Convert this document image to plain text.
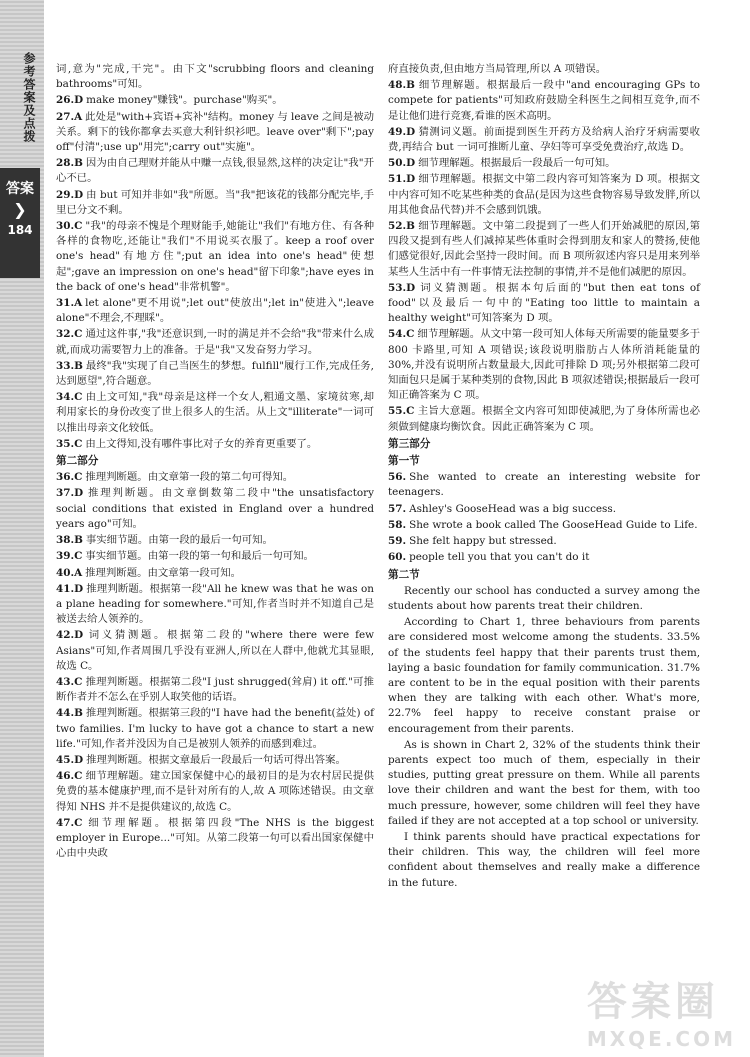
参考答案及点拨
答案
❯
184
词,意为"完成,干完"。由下文"scrubbing floors and cleaning bathrooms"可知。
26.D make money"赚钱"。purchase"购买"。
27.A 此处是"with+宾语+宾补"结构。money 与 leave 之间是被动关系。剩下的钱你都拿去买意大利针织衫吧。leave over"剩下";pay off"付清";use up"用完";carry out"实施"。
28.B 因为由自己理财并能从中赚一点钱,很显然,这样的决定让"我"开心不已。
29.D 由 but 可知并非如"我"所愿。当"我"把该花的钱都分配完毕,手里已分文不剩。
30.C "我"的母亲不愧是个理财能手,她能让"我们"有地方住、有各种各样的食物吃,还能让"我们"不用说买衣服了。keep a roof over one's head"有地方住";put an idea into one's head"使想起";gave an impression on one's head"留下印象";have eyes in the back of one's head"非常机警"。
31.A let alone"更不用说";let out"使放出";let in"使进入";leave alone"不理会,不理睬"。
32.C 通过这件事,"我"还意识到,一时的满足并不会给"我"带来什么成就,而成功需要智力上的准备。于是"我"又发奋努力学习。
33.B 最终"我"实现了自己当医生的梦想。fulfill"履行工作,完成任务,达到愿望",符合题意。
34.C 由上文可知,"我"母亲是这样一个女人,粗通文墨、家境贫寒,却利用家长的身份改变了世上很多人的生活。从上文"illiterate"一词可以推出母亲文化较低。
35.C 由上文得知,没有哪件事比对子女的养育更重要了。
第二部分
36.C 推理判断题。由文章第一段的第二句可得知。
37.D 推理判断题。由文章倒数第二段中"the unsatisfactory social conditions that existed in England over a hundred years ago"可知。
38.B 事实细节题。由第一段的最后一句可知。
39.C 事实细节题。由第一段的第一句和最后一句可知。
40.A 推理判断题。由文章第一段可知。
41.D 推理判断题。根据第一段"All he knew was that he was on a plane heading for somewhere."可知,作者当时并不知道自己是被送去给人领养的。
42.D 词义猜测题。根据第二段的"where there were few Asians"可知,作者周围几乎没有亚洲人,所以在人群中,他就尤其显眼,故选 C。
43.C 推理判断题。根据第二段"I just shrugged(耸肩) it off."可推断作者并不怎么在乎别人取笑他的话语。
44.B 推理判断题。根据第三段的"I have had the benefit(益处) of two families. I'm lucky to have got a chance to start a new life."可知,作者并没因为自己是被别人领养的而感到难过。
45.D 推理判断题。根据文章最后一段最后一句话可得出答案。
46.C 细节理解题。建立国家保健中心的最初目的是为农村居民提供免费的基本健康护理,而不是针对所有的人,故 A 项陈述错误。由文章得知 NHS 并不是提供建议的,故选 C。
47.C 细节理解题。根据第四段"The NHS is the biggest employer in Europe..."可知。从第二段第一句可以看出国家保健中心由中央政
府直接负责,但由地方当局管理,所以 A 项错误。
48.B 细节理解题。根据最后一段中"and encouraging GPs to compete for patients"可知政府鼓励全科医生之间相互竞争,而不是让他们进行竞赛,看谁的医术高明。
49.D 猜测词义题。前面提到医生开药方及给病人治疗牙病需要收费,再结合 but 一词可推断儿童、孕妇等可享受免费治疗,故选 D。
50.D 细节理解题。根据最后一段最后一句可知。
51.D 细节理解题。根据文中第二段内容可知答案为 D 项。根据文中内容可知不吃某些种类的食品(是因为这些食物容易导致发胖,所以用其他食品代替)并不会感到饥饿。
52.B 细节理解题。文中第二段提到了一些人们开始减肥的原因,第四段又提到有些人们减掉某些体重时会得到朋友和家人的赞扬,使他们感觉很好,因此会坚持一段时间。而 B 项所叙述内容只是用来列举某些人生活中有一件事情无法控制的事情,并不是他们减肥的原因。
53.D 词义猜测题。根据本句后面的"but then eat tons of food"以及最后一句中的"Eating too little to maintain a healthy weight"可知答案为 D 项。
54.C 细节理解题。从文中第一段可知人体每天所需要的能量要多于 800 卡路里,可知 A 项错误;该段说明脂肪占人体所消耗能量的 30%,并没有说明所占数量最大,因此可排除 D 项;另外根据第二段可知面包只是属于某种类别的食物,因此 B 项叙述错误;根据最后一段可知正确答案为 C 项。
55.C 主旨大意题。根据全文内容可知即使减肥,为了身体所需也必须做到健康均衡饮食。因此正确答案为 C 项。
第三部分
第一节
56. She wanted to create an interesting website for teenagers.
57. Ashley's GooseHead was a big success.
58. She wrote a book called The GooseHead Guide to Life.
59. She felt happy but stressed.
60. people tell you that you can't do it
第二节

Recently our school has conducted a survey among the students about how parents treat their children.

According to Chart 1, three behaviours from parents are considered most welcome among the students. 33.5% of the students feel happy that their parents trust them, laying a basic foundation for family communication. 31.7% are content to be in the equal position with their parents when they are talking with each other. What's more, 22.7% feel happy to receive constant praise or encouragement from their parents.

As is shown in Chart 2, 32% of the students think their parents expect too much of them, especially in their studies, putting great pressure on them. While all parents love their children and want the best for them, with too much pressure, however, some children will feel they have failed if they are not accepted at a top school or university.

I think parents should have practical expectations for their children. This way, the children will feel more confident about themselves and really make a difference in the future.

答案圈
MXQE.COM
